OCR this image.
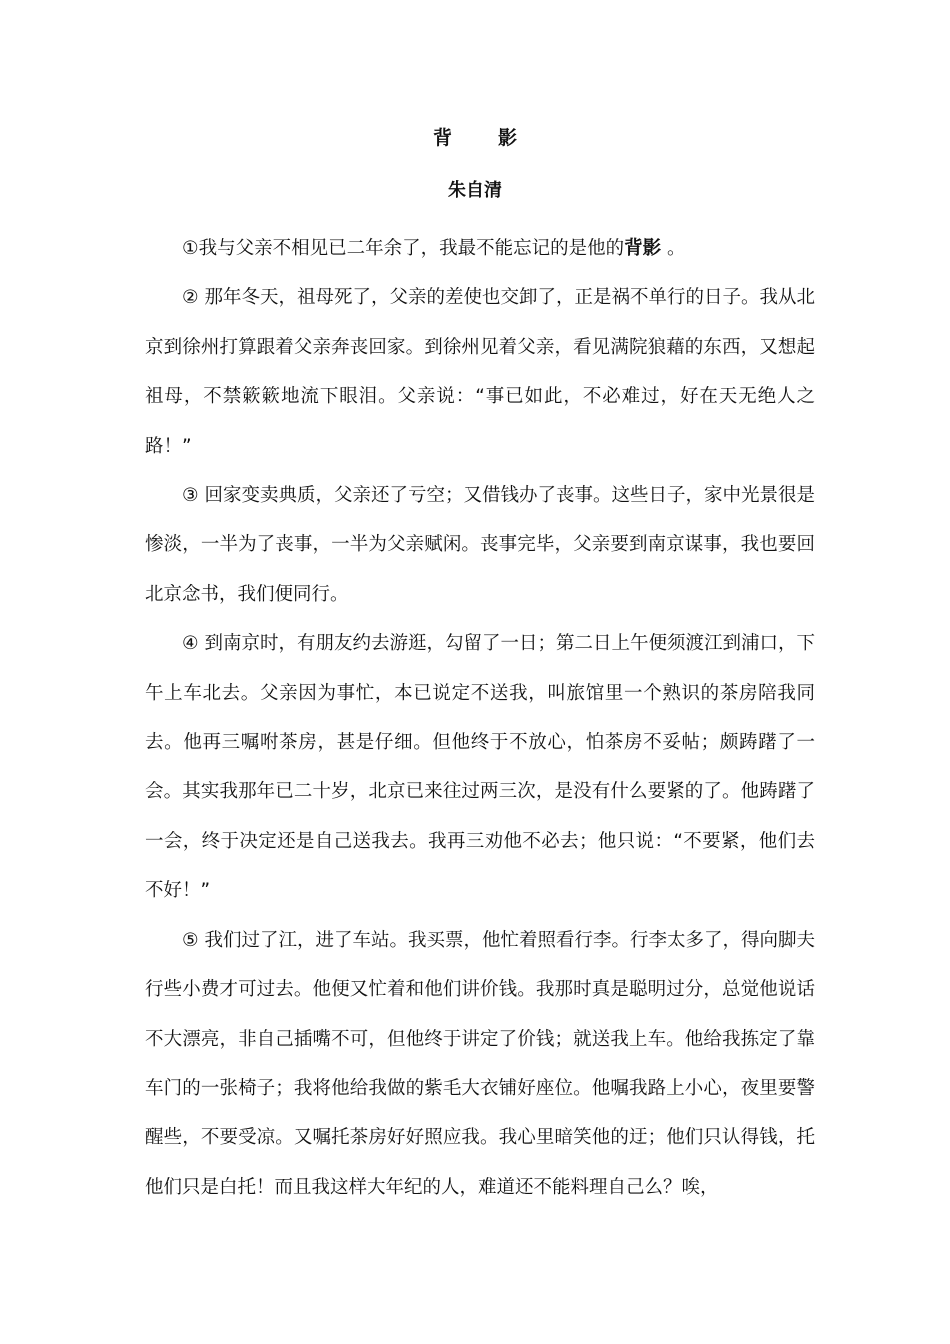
背 影
朱自清

①我与父亲不相见已二年余了，我最不能忘记的是他的背影 。

② 那年冬天，祖母死了，父亲的差使也交卸了，正是祸不单行的日子。我从北京到徐州打算跟着父亲奔丧回家。到徐州见着父亲，看见满院狼藉的东西，又想起祖母，不禁簌簌地流下眼泪。父亲说：“事已如此，不必难过，好在天无绝人之路！”

③ 回家变卖典质，父亲还了亏空；又借钱办了丧事。这些日子，家中光景很是惨淡，一半为了丧事，一半为父亲赋闲。丧事完毕，父亲要到南京谋事，我也要回北京念书，我们便同行。

④ 到南京时，有朋友约去游逛，勾留了一日；第二日上午便须渡江到浦口，下午上车北去。父亲因为事忙，本已说定不送我，叫旅馆里一个熟识的茶房陪我同去。他再三嘱咐茶房，甚是仔细。但他终于不放心，怕茶房不妥帖；颇踌躇了一会。其实我那年已二十岁，北京已来往过两三次，是没有什么要紧的了。他踌躇了一会，终于决定还是自己送我去。我再三劝他不必去；他只说：“不要紧，他们去不好！”

⑤ 我们过了江，进了车站。我买票，他忙着照看行李。行李太多了，得向脚夫行些小费才可过去。他便又忙着和他们讲价钱。我那时真是聪明过分，总觉他说话不大漂亮，非自己插嘴不可，但他终于讲定了价钱；就送我上车。他给我拣定了靠车门的一张椅子；我将他给我做的紫毛大衣铺好座位。他嘱我路上小心，夜里要警醒些，不要受凉。又嘱托茶房好好照应我。我心里暗笑他的迂；他们只认得钱，托他们只是白托！而且我这样大年纪的人，难道还不能料理自己么？唉，
